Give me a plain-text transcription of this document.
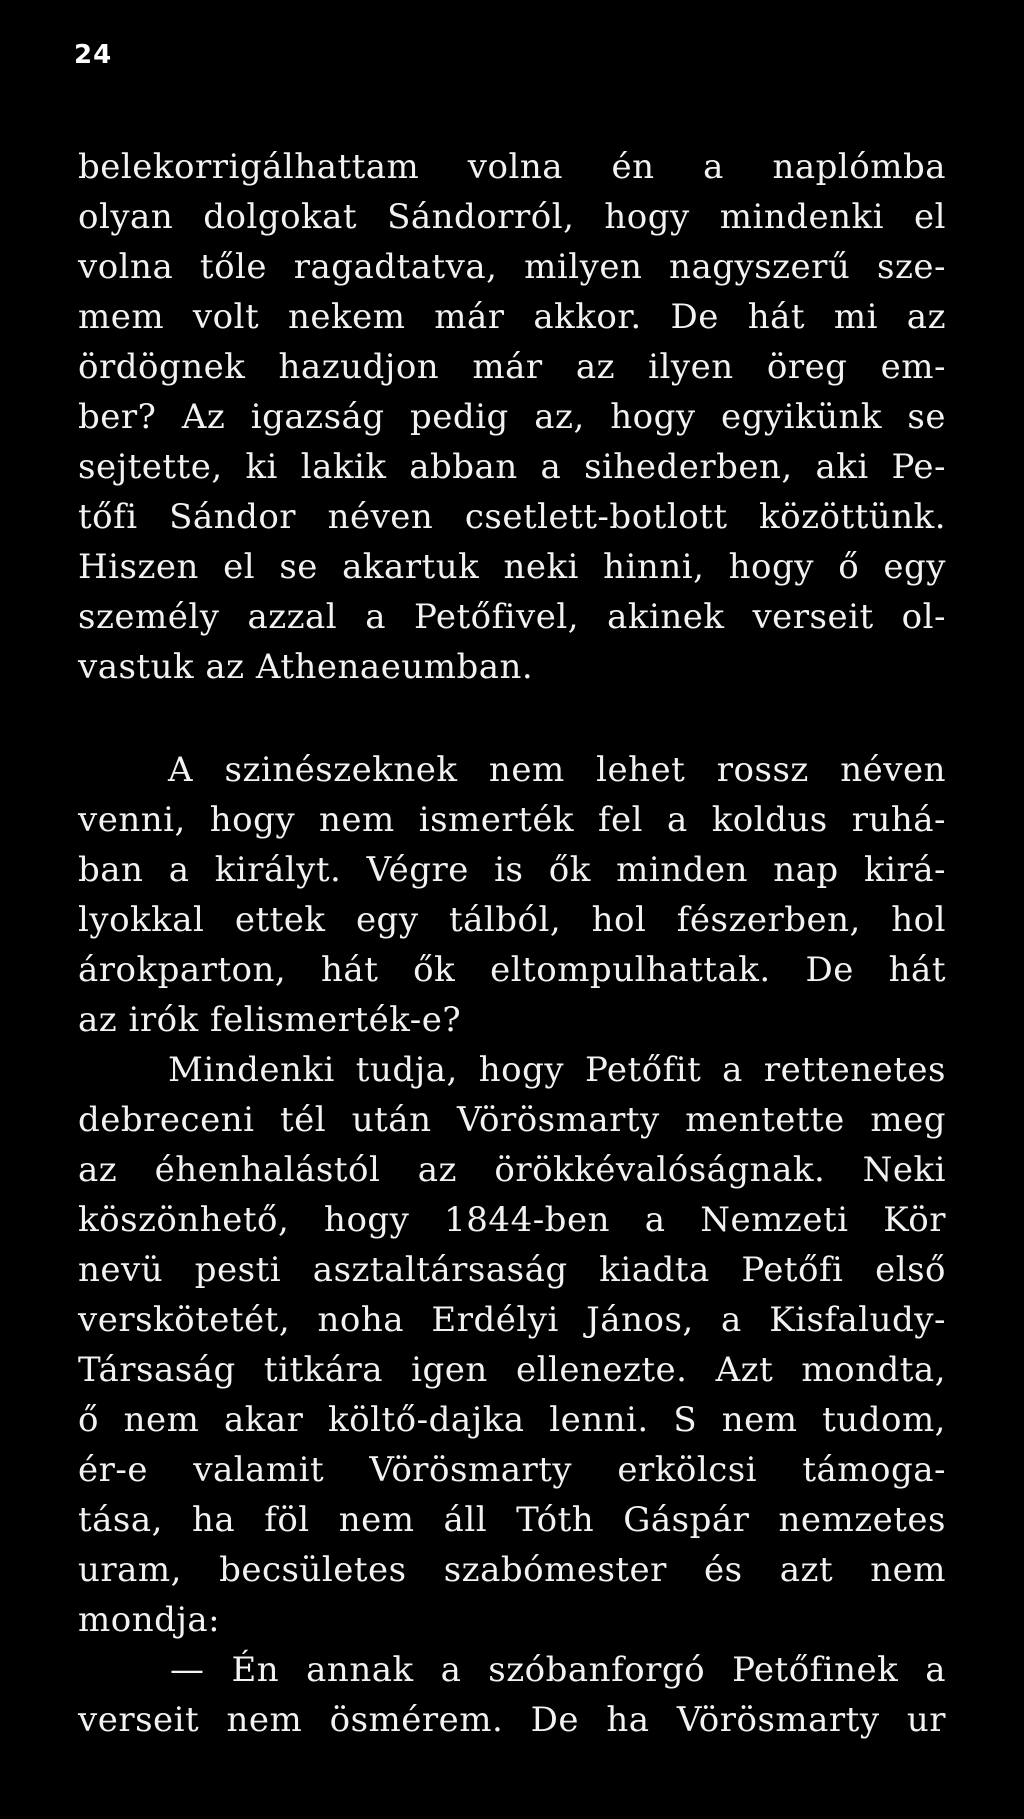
24
belekorrigálhattam volna én a naplómba
olyan dolgokat Sándorról, hogy mindenki el
volna tőle ragadtatva, milyen nagyszerű sze-
mem volt nekem már akkor. De hát mi az
ördögnek hazudjon már az ilyen öreg em-
ber? Az igazság pedig az, hogy egyikünk se
sejtette, ki lakik abban a sihederben, aki Pe-
tőfi Sándor néven csetlett-botlott közöttünk.
Hiszen el se akartuk neki hinni, hogy ő egy
személy azzal a Petőfivel, akinek verseit ol-
vastuk az Athenaeumban.
A szinészeknek nem lehet rossz néven
venni, hogy nem ismerték fel a koldus ruhá-
ban a királyt. Végre is ők minden nap kirá-
lyokkal ettek egy tálból, hol fészerben, hol
árokparton, hát ők eltompulhattak. De hát
az irók felismerték-e?
Mindenki tudja, hogy Petőfit a rettenetes
debreceni tél után Vörösmarty mentette meg
az éhenhalástól az örökkévalóságnak. Neki
köszönhető, hogy 1844-ben a Nemzeti Kör
nevü pesti asztaltársaság kiadta Petőfi első
verskötetét, noha Erdélyi János, a Kisfaludy-
Társaság titkára igen ellenezte. Azt mondta,
ő nem akar költő-dajka lenni. S nem tudom,
ér-e valamit Vörösmarty erkölcsi támoga-
tása, ha föl nem áll Tóth Gáspár nemzetes
uram, becsületes szabómester és azt nem
mondja:
— Én annak a szóbanforgó Petőfinek a
verseit nem ösmérem. De ha Vörösmarty ur
